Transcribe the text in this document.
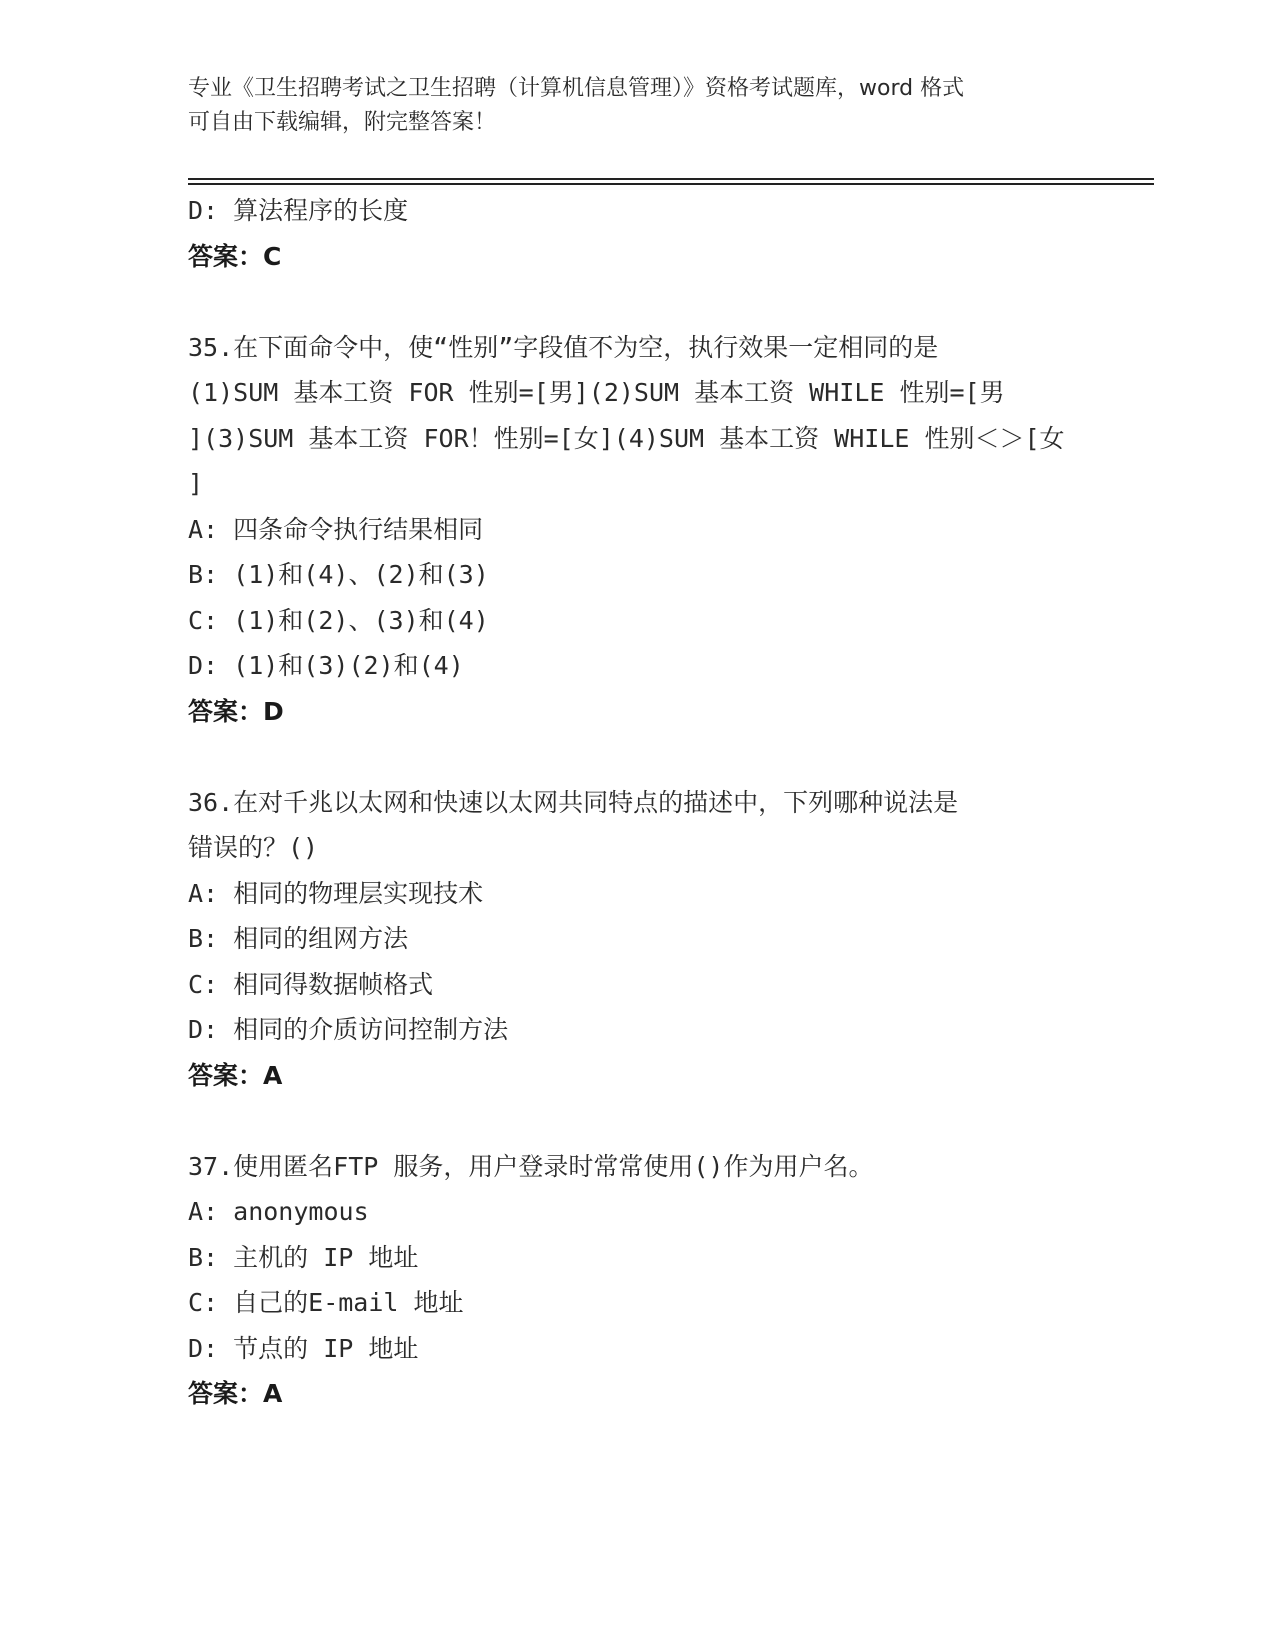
专业《卫生招聘考试之卫生招聘（计算机信息管理）》资格考试题库，word 格式
可自由下载编辑，附完整答案！
D: 算法程序的长度
答案：C
35.在下面命令中，使“性别”字段值不为空，执行效果一定相同的是
(1)SUM 基本工资 FOR 性别=[男](2)SUM 基本工资 WHILE 性别=[男
](3)SUM 基本工资 FOR！性别=[女](4)SUM 基本工资 WHILE 性别＜＞[女
]
A: 四条命令执行结果相同
B: (1)和(4)、(2)和(3)
C: (1)和(2)、(3)和(4)
D: (1)和(3)(2)和(4)
答案：D
36.在对千兆以太网和快速以太网共同特点的描述中，下列哪种说法是
错误的？()
A: 相同的物理层实现技术
B: 相同的组网方法
C: 相同得数据帧格式
D: 相同的介质访问控制方法
答案：A
37.使用匿名FTP 服务，用户登录时常常使用()作为用户名。
A: anonymous
B: 主机的 IP 地址
C: 自己的E-mail 地址
D: 节点的 IP 地址
答案：A
